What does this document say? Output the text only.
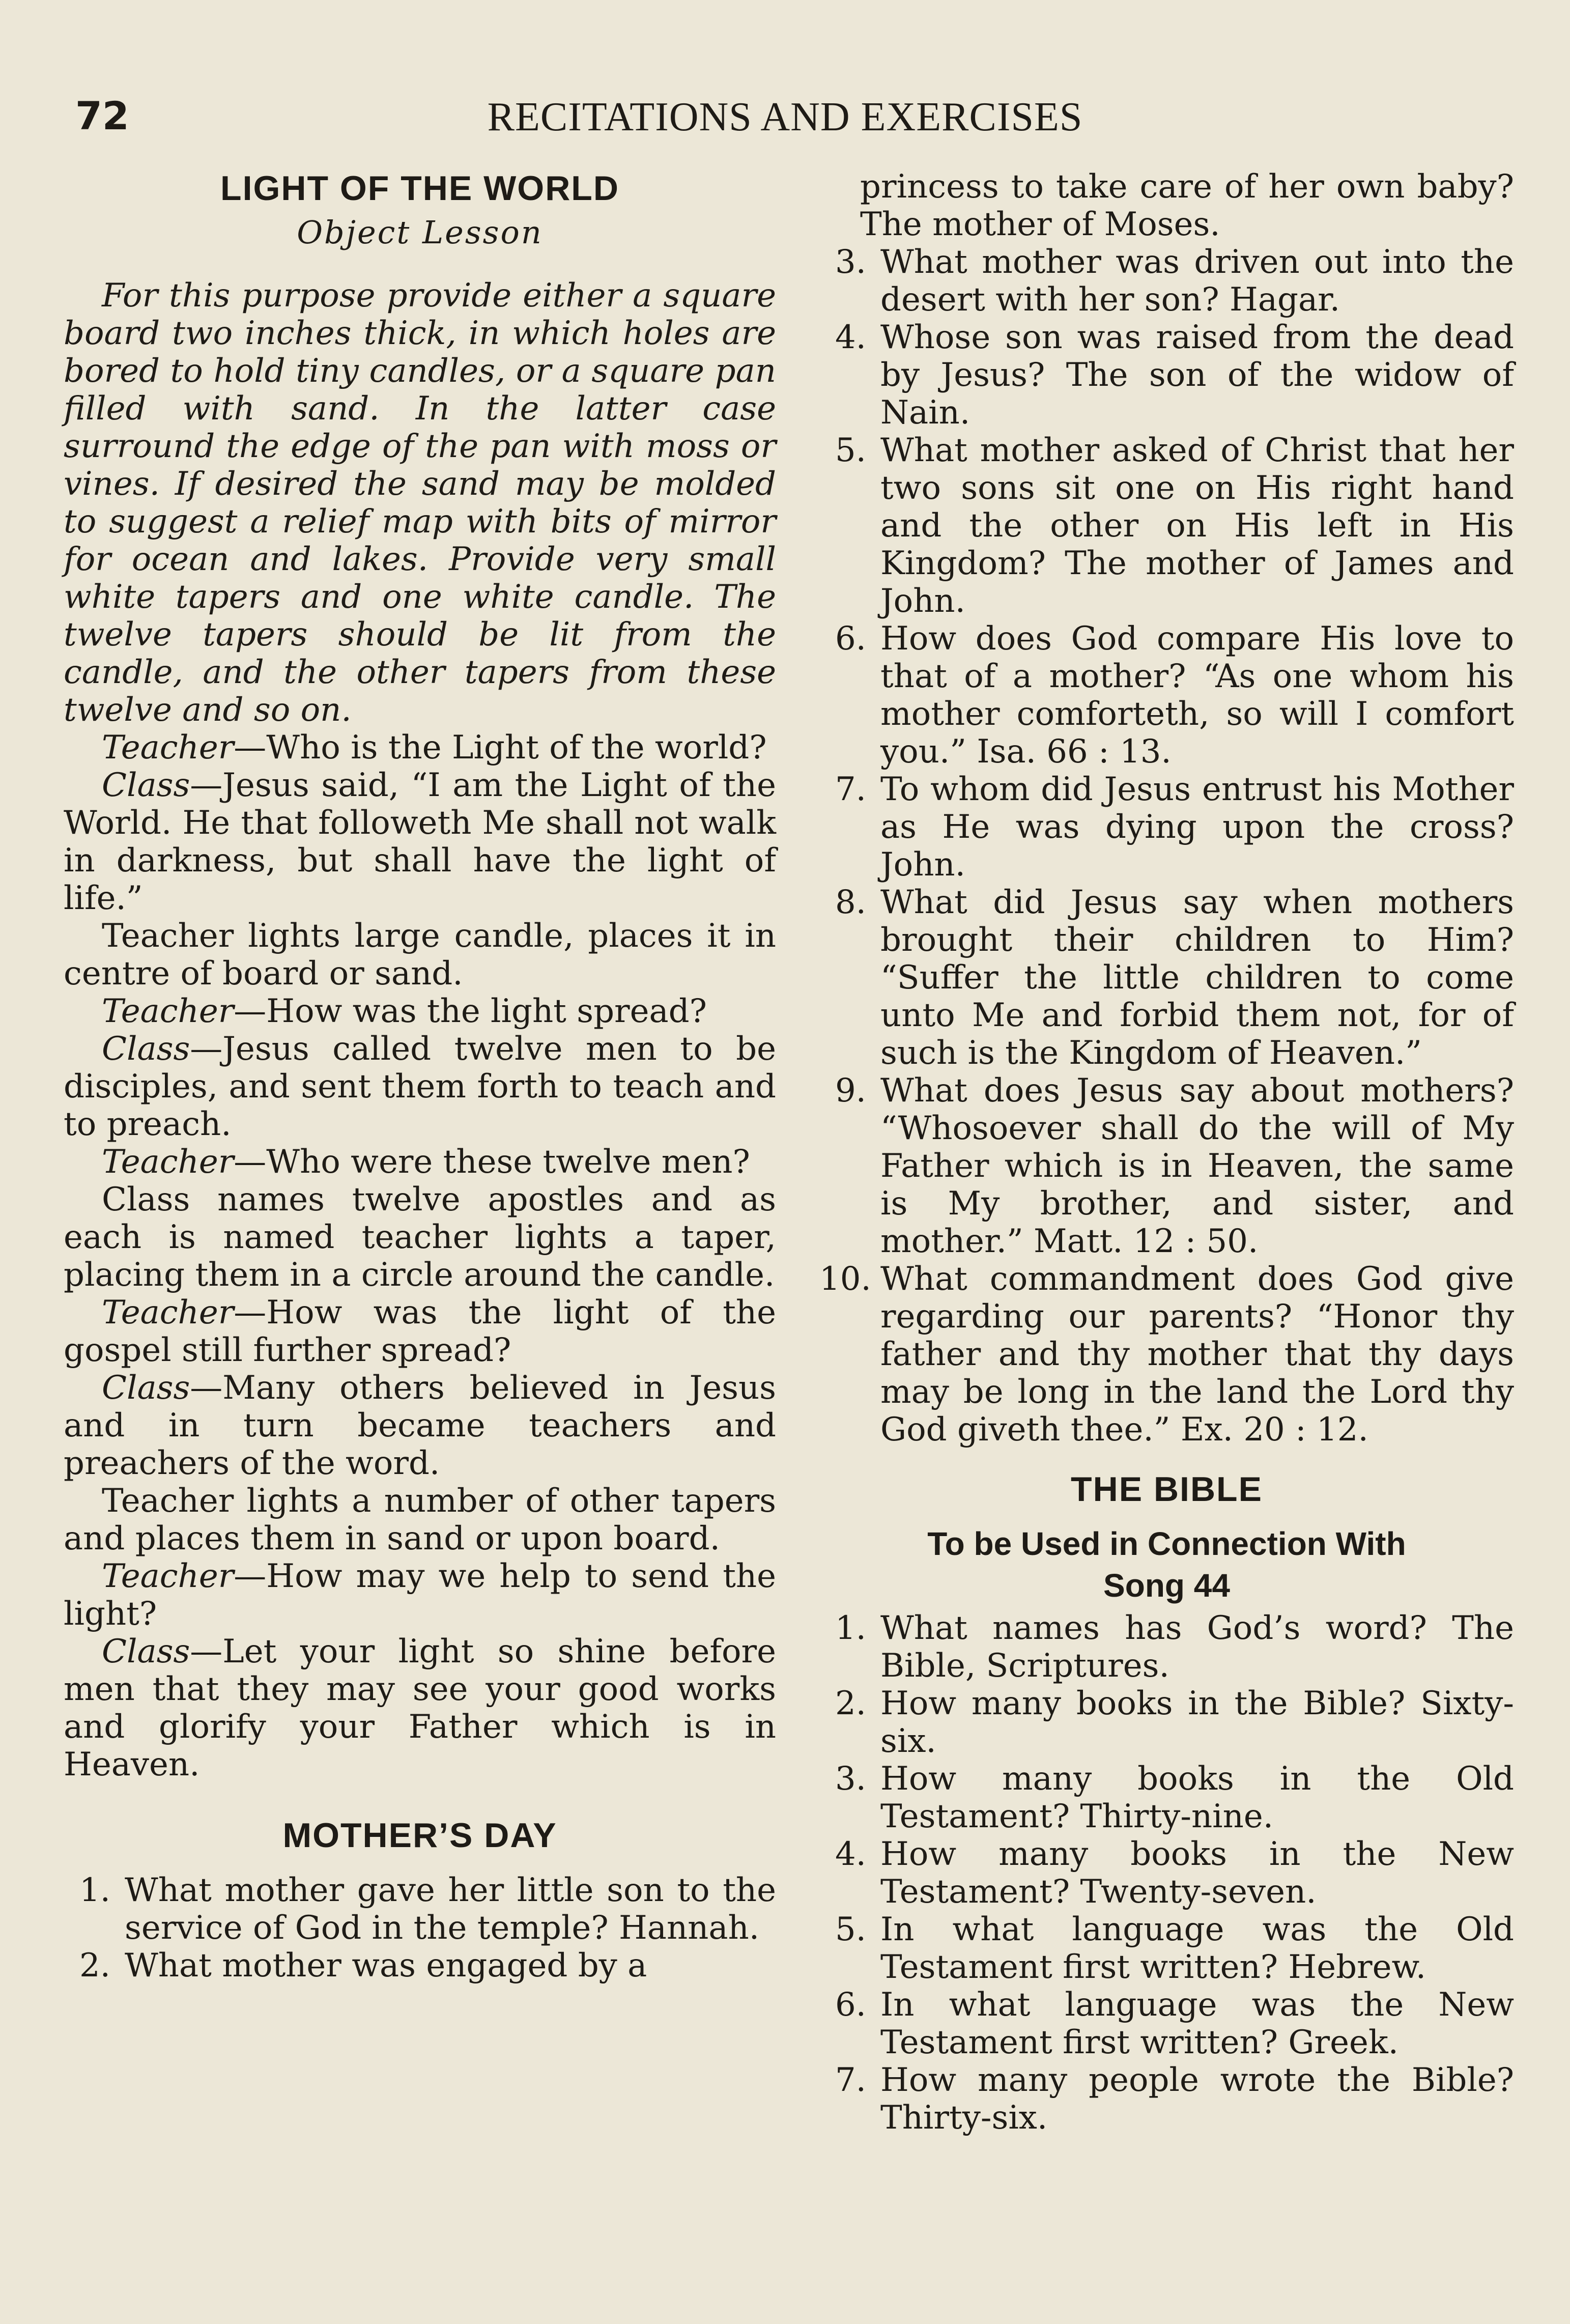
72	RECITATIONS AND EXERCISES
LIGHT OF THE WORLD
Object Lesson

For this purpose provide either a square board two inches thick, in which holes are bored to hold tiny candles, or a square pan filled with sand. In the latter case surround the edge of the pan with moss or vines. If desired the sand may be molded to suggest a relief map with bits of mirror for ocean and lakes. Provide very small white tapers and one white candle. The twelve tapers should be lit from the candle, and the other tapers from these twelve and so on.

Teacher—Who is the Light of the world?

Class—Jesus said, “I am the Light of the World. He that followeth Me shall not walk in darkness, but shall have the light of life.”

Teacher lights large candle, places it in centre of board or sand.

Teacher—How was the light spread?

Class—Jesus called twelve men to be disciples, and sent them forth to teach and to preach.

Teacher—Who were these twelve men?

Class names twelve apostles and as each is named teacher lights a taper, placing them in a circle around the candle.

Teacher—How was the light of the gospel still further spread?

Class—Many others believed in Jesus and in turn became teachers and preachers of the word.

Teacher lights a number of other tapers and places them in sand or upon board.

Teacher—How may we help to send the light?

Class—Let your light so shine before men that they may see your good works and glorify your Father which is in Heaven.

MOTHER’S DAY
1. What mother gave her little son to the service of God in the temple? Hannah.
2. What mother was engaged by a

princess to take care of her own baby? The mother of Moses.

3. What mother was driven out into the desert with her son? Hagar.
4. Whose son was raised from the dead by Jesus? The son of the widow of Nain.
5. What mother asked of Christ that her two sons sit one on His right hand and the other on His left in His Kingdom? The mother of James and John.
6. How does God compare His love to that of a mother? “As one whom his mother comforteth, so will I comfort you.” Isa. 66 : 13.
7. To whom did Jesus entrust his Mother as He was dying upon the cross? John.
8. What did Jesus say when mothers brought their children to Him? “Suffer the little children to come unto Me and forbid them not, for of such is the Kingdom of Heaven.”
9. What does Jesus say about mothers? “Whosoever shall do the will of My Father which is in Heaven, the same is My brother, and sister, and mother.” Matt. 12 : 50.
10. What commandment does God give regarding our parents? “Honor thy father and thy mother that thy days may be long in the land the Lord thy God giveth thee.” Ex. 20 : 12.
THE BIBLE
To be Used in Connection With
Song 44
1. What names has God’s word? The Bible, Scriptures.
2. How many books in the Bible? Sixty-six.
3. How many books in the Old Testament? Thirty-nine.
4. How many books in the New Testament? Twenty-seven.
5. In what language was the Old Testament first written? Hebrew.
6. In what language was the New Testament first written? Greek.
7. How many people wrote the Bible? Thirty-six.
